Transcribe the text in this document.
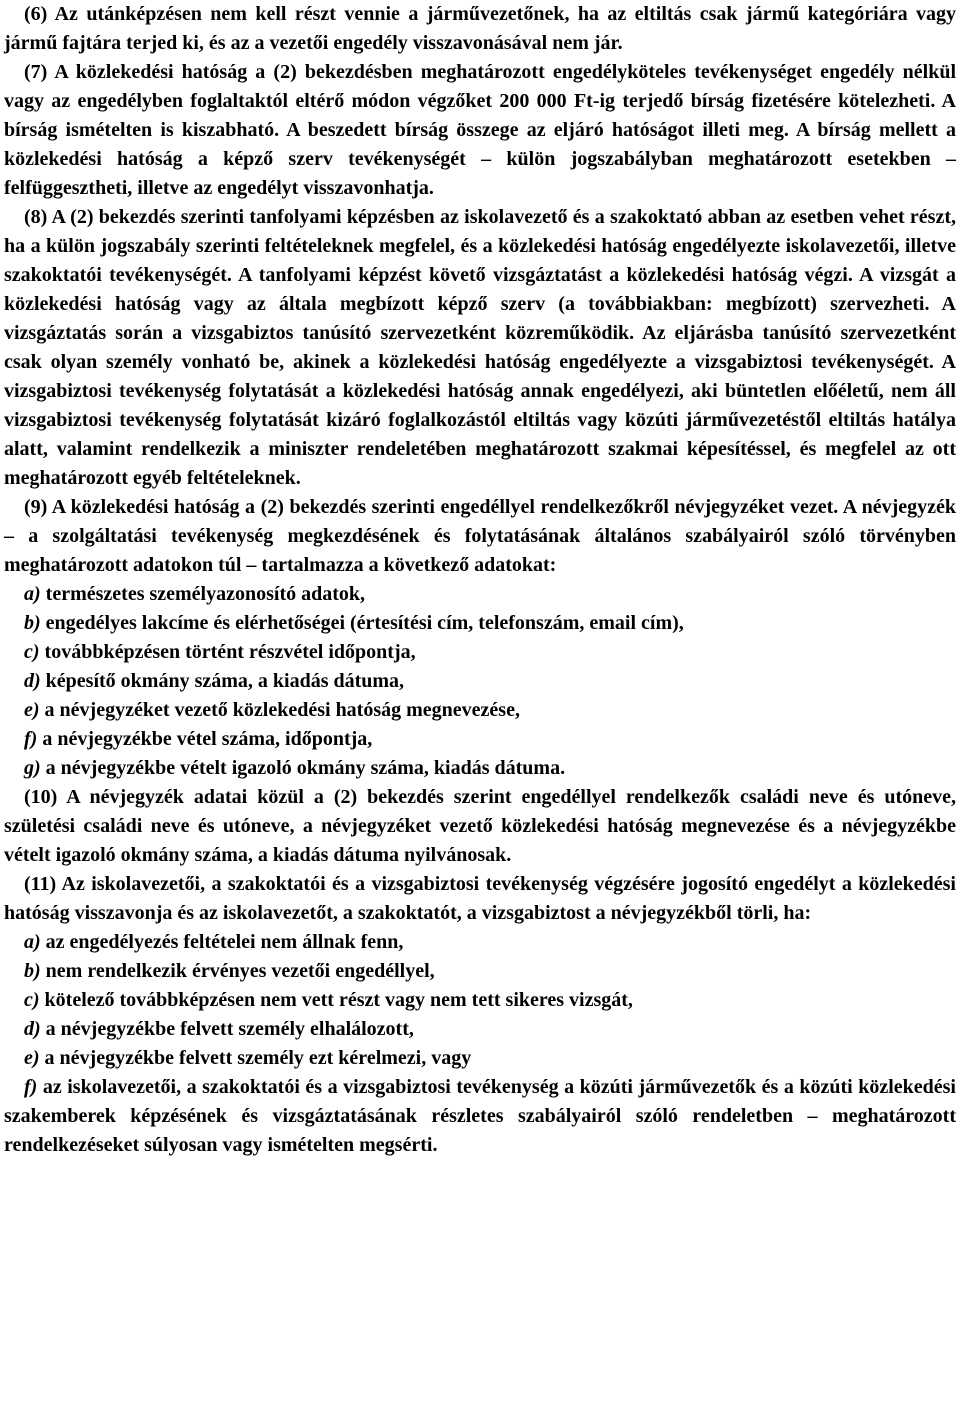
(6) Az utánképzésen nem kell részt vennie a járművezetőnek, ha az eltiltás csak jármű kategóriára vagy jármű fajtára terjed ki, és az a vezetői engedély visszavonásával nem jár.

(7) A közlekedési hatóság a (2) bekezdésben meghatározott engedélyköteles tevékenységet engedély nélkül vagy az engedélyben foglaltaktól eltérő módon végzőket 200 000 Ft-ig terjedő bírság fizetésére kötelezheti. A bírság ismételten is kiszabható. A beszedett bírság összege az eljáró hatóságot illeti meg. A bírság mellett a közlekedési hatóság a képző szerv tevékenységét – külön jogszabályban meghatározott esetekben – felfüggesztheti, illetve az engedélyt visszavonhatja.

(8) A (2) bekezdés szerinti tanfolyami képzésben az iskolavezető és a szakoktató abban az esetben vehet részt, ha a külön jogszabály szerinti feltételeknek megfelel, és a közlekedési hatóság engedélyezte iskolavezetői, illetve szakoktatói tevékenységét. A tanfolyami képzést követő vizsgáztatást a közlekedési hatóság végzi. A vizsgát a közlekedési hatóság vagy az általa megbízott képző szerv (a továbbiakban: megbízott) szervezheti. A vizsgáztatás során a vizsgabiztos tanúsító szervezetként közreműködik. Az eljárásba tanúsító szervezetként csak olyan személy vonható be, akinek a közlekedési hatóság engedélyezte a vizsgabiztosi tevékenységét. A vizsgabiztosi tevékenység folytatását a közlekedési hatóság annak engedélyezi, aki büntetlen előéletű, nem áll vizsgabiztosi tevékenység folytatását kizáró foglalkozástól eltiltás vagy közúti járművezetéstől eltiltás hatálya alatt, valamint rendelkezik a miniszter rendeletében meghatározott szakmai képesítéssel, és megfelel az ott meghatározott egyéb feltételeknek.

(9) A közlekedési hatóság a (2) bekezdés szerinti engedéllyel rendelkezőkről névjegyzéket vezet. A névjegyzék – a szolgáltatási tevékenység megkezdésének és folytatásának általános szabályairól szóló törvényben meghatározott adatokon túl – tartalmazza a következő adatokat:

a) természetes személyazonosító adatok,

b) engedélyes lakcíme és elérhetőségei (értesítési cím, telefonszám, email cím),

c) továbbképzésen történt részvétel időpontja,

d) képesítő okmány száma, a kiadás dátuma,

e) a névjegyzéket vezető közlekedési hatóság megnevezése,

f) a névjegyzékbe vétel száma, időpontja,

g) a névjegyzékbe vételt igazoló okmány száma, kiadás dátuma.

(10) A névjegyzék adatai közül a (2) bekezdés szerint engedéllyel rendelkezők családi neve és utóneve, születési családi neve és utóneve, a névjegyzéket vezető közlekedési hatóság megnevezése és a névjegyzékbe vételt igazoló okmány száma, a kiadás dátuma nyilvánosak.

(11) Az iskolavezetői, a szakoktatói és a vizsgabiztosi tevékenység végzésére jogosító engedélyt a közlekedési hatóság visszavonja és az iskolavezetőt, a szakoktatót, a vizsgabiztost a névjegyzékből törli, ha:

a) az engedélyezés feltételei nem állnak fenn,

b) nem rendelkezik érvényes vezetői engedéllyel,

c) kötelező továbbképzésen nem vett részt vagy nem tett sikeres vizsgát,

d) a névjegyzékbe felvett személy elhalálozott,

e) a névjegyzékbe felvett személy ezt kérelmezi, vagy

f) az iskolavezetői, a szakoktatói és a vizsgabiztosi tevékenység a közúti járművezetők és a közúti közlekedési szakemberek képzésének és vizsgáztatásának részletes szabályairól szóló rendeletben – meghatározott rendelkezéseket súlyosan vagy ismételten megsérti.
